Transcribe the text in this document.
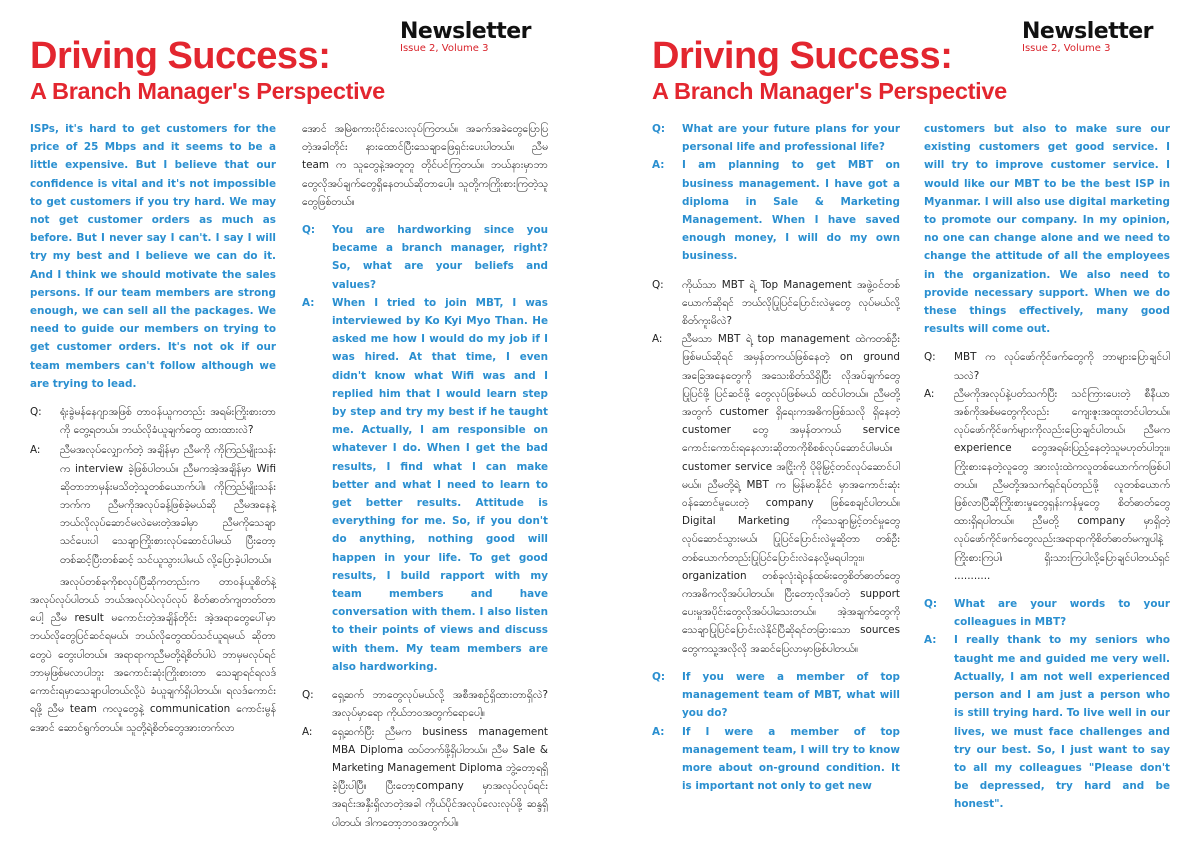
Newsletter
Issue 2, Volume 3
Driving Success:
A Branch Manager's Perspective

ISPs, it's hard to get customers for the price of 25 Mbps and it seems to be a little expensive. But I believe that our confidence is vital and it's not impossible to get customers if you try hard. We may not get customer orders as much as before. But I never say I can't. I say I will try my best and I believe we can do it. And I think we should motivate the sales persons. If our team members are strong enough, we can sell all the packages. We need to guide our members on trying to get customer orders. It's not ok if our team members can't follow although we are trying to lead.

Q:	ရုံးခွဲမန်နေဂျာအဖြစ် တာဝန်ယူကတည်း အရမ်းကြိုးစားတာကို တွေ့ရတယ်။ ဘယ်လိုခံယူချက်တွေ ထားထားလဲ?
A:	ညီမအလုပ်လျှောက်တဲ့ အချိန်မှာ ညီမကို ကိုကြည်မျိုးသန်းက interview ခဲ့ဖြစ်ပါတယ်။ ညီမကအဲ့အချိန်မှာ Wifi ဆိုတာဘာမှန်းမသိတဲ့သူတစ်ယောက်ပါ။ ကိုကြည်မျိုးသန်းဘက်က ညီမကိုအလုပ်ခန့်ဖြစ်ခဲ့မယ်ဆို ညီမအနေနဲ့ဘယ်လိုလုပ်ဆောင်မလဲမေးတဲ့အခါမှာ ညီမကိုသေချာသင်ပေးပါ သေချာကြိုးစားလုပ်ဆောင်ပါမယ် ပြီးတော့ တစ်ဆင့်ပြီးတစ်ဆင့် သင်ယူသွားပါမယ် လို့ပြောခဲ့ပါတယ်။

အလုပ်တစ်ခုကိုစလုပ်ပြီဆိုကတည်းက တာဝန်ယူစိတ်နဲ့အလုပ်လုပ်ပါတယ် ဘယ်အလုပ်ပဲလုပ်လုပ် စိတ်ဓာတ်ကျတတ်တာပေါ့ ညီမ result မကောင်းတဲ့အချိန်တိုင်း အဲ့အရာတွေပေါ်မှာဘယ်လိုတွေပြင်ဆင်ရမယ်၊ ဘယ်လိုတွေထပ်သင်ယူရမယ် ဆိုတာတွေပဲ တွေးပါတယ်။ အရာရာကညီမတို့ရဲ့စိတ်ပါပဲ ဘာမှမလုပ်ရင်ဘာမှဖြစ်မလာပါဘူး အကောင်းဆုံးကြိုးစားတာ သေချာရင်ရလဒ်ကောင်းရမှာသေချာပါတယ်လို့ပဲ ခံယူချက်ရှိပါတယ်။ ရလဒ်ကောင်းရဖို့ ညီမ team ကလူတွေနဲ့ communication ကောင်းမွန်အောင် ဆောင်ရွက်တယ်။ သူတို့ရဲ့စိတ်တွေအားတက်လာ

အောင် အမြဲစကားပိုင်းလေးလုပ်ကြတယ်။ အခက်အခဲတွေပြောပြတဲ့အခါတိုင်း နားထောင်ပြီးသေချာဖြေရှင်းပေးပါတယ်။ ညီမ team က သူတွေနဲ့အတူတူ တိုင်ပင်ကြတယ်။ ဘယ်နားမှာဘာတွေလိုအပ်ချက်တွေရှိနေတယ်ဆိုတာပေါ့။ သူတို့ကကြိုးစားကြတဲ့သူတွေဖြစ်တယ်။

Q:	You are hardworking since you became a branch manager, right? So, what are your beliefs and values?
A:	When I tried to join MBT, I was interviewed by Ko Kyi Myo Than. He asked me how I would do my job if I was hired. At that time, I even didn't know what Wifi was and I replied him that I would learn step by step and try my best if he taught me. Actually, I am responsible on whatever I do. When I get the bad results, I find what I can make better and what I need to learn to get better results. Attitude is everything for me. So, if you don't do anything, nothing good will happen in your life. To get good results, I build rapport with my team members and have conversation with them. I also listen to their points of views and discuss with them. My team members are also hardworking.
Q:	ရှေ့ဆက် ဘာတွေလုပ်မယ်လို့ အစီအစဉ်ရှိထားတာရှိလဲ? အလုပ်မှာရော ကိုယ်ဘဝအတွက်ရောပေါ့။
A:	ရှေ့ဆက်ပြီး ညီမက business management MBA Diploma ထပ်တက်ဖို့ရှိပါတယ်။ ညီမ Sale & Marketing Management Diploma ဘွဲ့တော့ရရှိခဲ့ပြီးပါပြီ။ ပြီးတော့company မှာအလုပ်လုပ်ရင်း အရင်းအနှီးရှိလာတဲ့အခါ ကိုယ်ပိုင်အလုပ်လေးလုပ်ဖို့ ဆန္ဒရှိပါတယ်၊ ဒါကတော့ဘဝအတွက်ပါ။
Newsletter
Issue 2, Volume 3
Driving Success:
A Branch Manager's Perspective
Q:	What are your future plans for your personal life and professional life?
A:	I am planning to get MBT on business management. I have got a diploma in Sale & Marketing Management. When I have saved enough money, I will do my own business.
Q:	ကိုယ်သာ MBT ရဲ့ Top Management အဖွဲ့ဝင်တစ်ယောက်ဆိုရင် ဘယ်လိုပြုပြင်ပြောင်းလဲမှုတွေ လုပ်မယ်လို့ စိတ်ကူးမိလဲ?
A:	ညီမသာ MBT ရဲ့ top management ထဲကတစ်ဦးဖြစ်မယ်ဆိုရင် အမှန်တကယ်ဖြစ်နေတဲ့ on ground အခြေအနေတွေကို အသေးစိတ်သိရှိပြီး လိုအပ်ချက်တွေပြုပြင်ဖို့ ပြင်ဆင်ဖို့ တွေလုပ်ဖြစ်မယ် ထင်ပါတယ်။ ညီမတို့အတွက် customer ရှိရေးကအဓိကဖြစ်သလို ရှိနေတဲ့ customer တွေ အမှန်တကယ် service ကောင်းကောင်းရနေလားဆိုတာကိုစိစစ်လုပ်ဆောင်ပါမယ်။ customer service အငြိုးကို ပိုမိုမြှင့်တင်လုပ်ဆောင်ပါမယ်။ ညီမတို့ရဲ့ MBT က မြန်မာနိုင်ငံ မှာအကောင်းဆုံး ဝန်ဆောင်မှုပေးတဲ့ company ဖြစ်စေချင်ပါတယ်။ Digital Marketing ကိုသေချာမြှင့်တင်မှုတွေလုပ်ဆောင်သွားမယ်၊ ပြုပြင်ပြောင်းလဲမှုဆိုတာ တစ်ဦးတစ်ယောက်တည်းပြုပြင်ပြောင်းလဲနေလို့မရပါဘူး။ organization တစ်ခုလုံးရဲ့ဝန်ထမ်းတွေစိတ်ဓာတ်တွေ ကအဓိကလိုအပ်ပါတယ်။ ပြီးတော့လိုအပ်တဲ့ support ပေးမှုအပိုင်းတွေလိုအပ်ပါသေးတယ်။ အဲ့အချက်တွေကိုသေချာပြုပြင်ပြောင်းလဲနိုင်ပြီဆိုရင်တခြားသော sources တွေကသူ့အလိုလို အဆင်ပြေလာမှာဖြစ်ပါတယ်။
Q:	If you were a member of top management team of MBT, what will you do?
A:	If I were a member of top management team, I will try to know more about on-ground condition. It is important not only to get new

customers but also to make sure our existing customers get good service. I will try to improve customer service. I would like our MBT to be the best ISP in Myanmar. I will also use digital marketing to promote our company. In my opinion, no one can change alone and we need to change the attitude of all the employees in the organization. We also need to provide necessary support. When we do these things effectively, many good results will come out.

Q:	MBT က လုပ်ဖော်ကိုင်ဖက်တွေကို ဘာများပြောချင်ပါသလဲ?
A:	ညီမကိုအလုပ်နဲ့ပတ်သက်ပြီး သင်ကြားပေးတဲ့ စီနီယာအစ်ကိုအစ်မတွေကိုလည်း ကျေးဇူးအထူးတင်ပါတယ်။ လုပ်ဖော်ကိုင်ဖက်များကိုလည်းပြောချင်ပါတယ်၊ ညီမက experience တွေအရမ်းပြည့်နေတဲ့သူမဟုတ်ပါဘူး။ ကြိုးစားနေတဲ့လူတွေ အားလုံးထဲကလူတစ်ယောက်ကဖြစ်ပါတယ်။ ညီမတို့အသက်ရှင်ရပ်တည်ဖို့ လူတစ်ယောက်ဖြစ်လာပြီဆိုကြိုးစားမှုတွေရှန်းကန်မှုတွေ စိတ်ဓာတ်တွေ ထားရှိရပါတယ်။ ညီမတို့ company မှာရှိတဲ့လုပ်ဖော်ကိုင်ဖက်တွေလည်းအရာရာကိုစိတ်ဓာတ်မကျပါနဲ့ကြိုးစားကြပါ၊ ရှိးသားကြပါလို့ပြောချင်ပါတယ်ရှင် ...........
Q:	What are your words to your colleagues in MBT?
A:	I really thank to my seniors who taught me and guided me very well. Actually, I am not well experienced person and I am just a person who is still trying hard. To live well in our lives, we must face challenges and try our best. So, I just want to say to all my colleagues "Please don't be depressed, try hard and be honest".
